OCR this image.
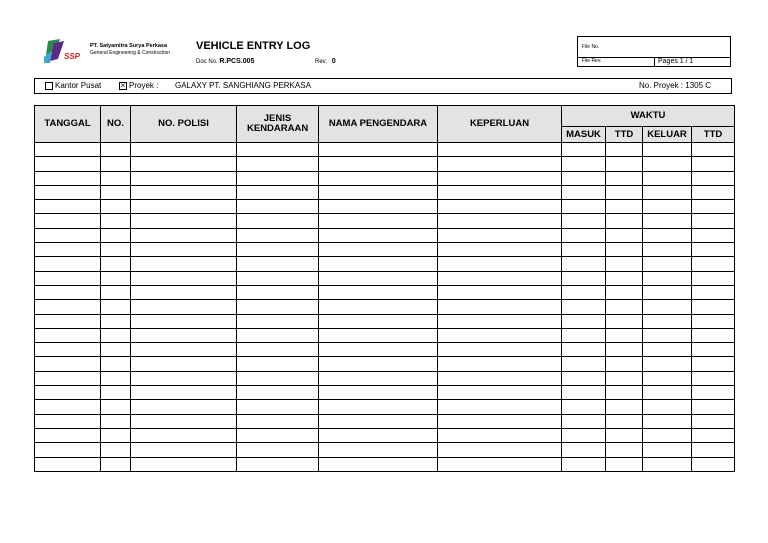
SSP
PT. Satyamitra Surya Perkasa
General Engineering & Construction
VEHICLE ENTRY LOG
Doc No. R.PCS.005	Rev. 0
File No.
File Rev.	Pages 1 / 1
Kantor Pusat × Proyek : GALAXY PT. SANGHIANG PERKASA	No. Proyek : 1305 C
TANGGAL	NO.	NO. POLISI	JENIS KENDARAAN	NAMA PENGENDARA	KEPERLUAN	WAKTU			
						MASUK	TTD	KELUAR	TTD
